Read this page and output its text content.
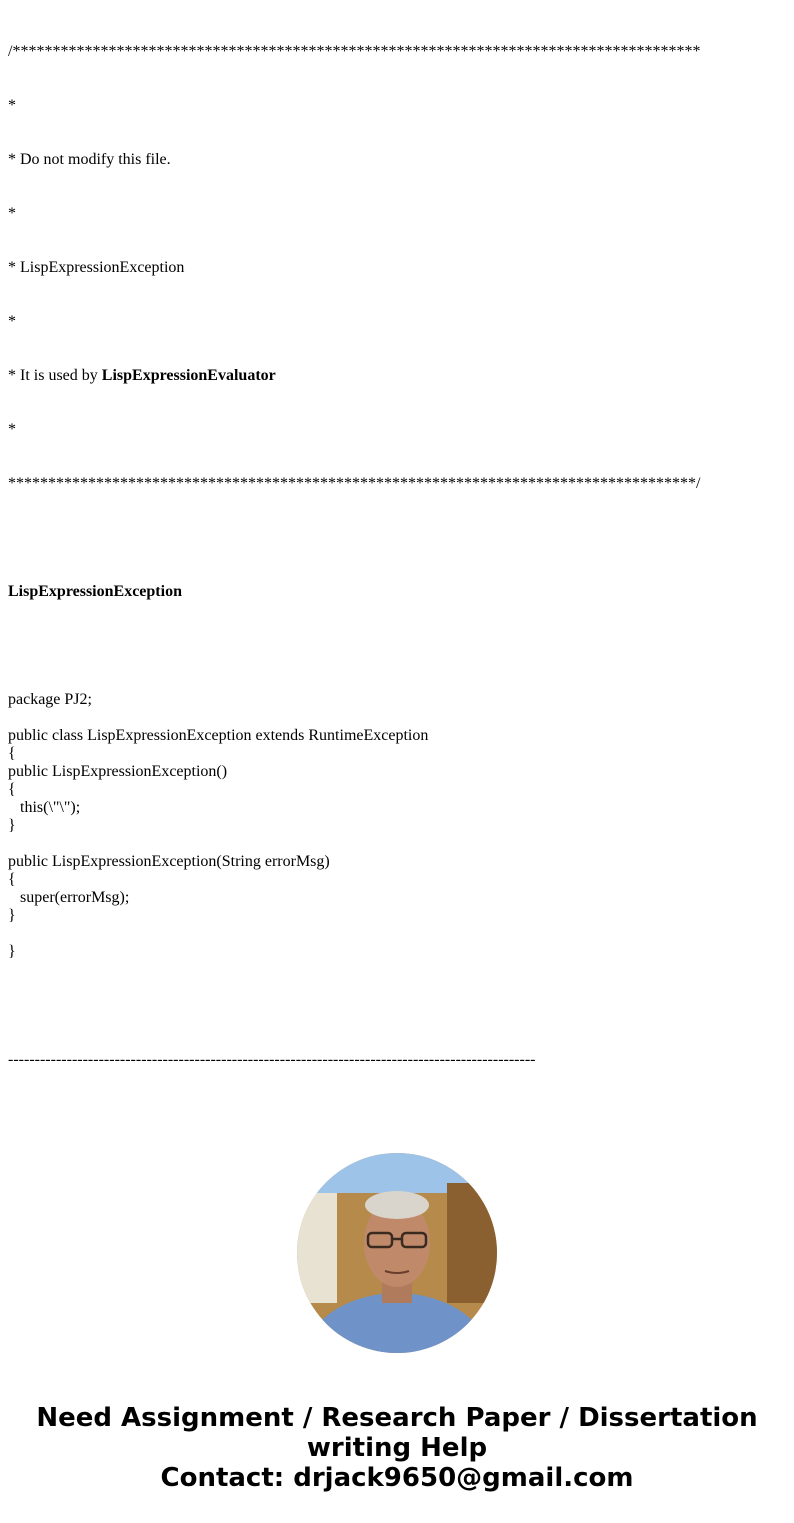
/**************************************************************************************

*

* Do not modify this file.

*

* LispExpressionException

*

* It is used by LispExpressionEvaluator

*

**************************************************************************************/

LispExpressionException

package PJ2;
public class LispExpressionException extends RuntimeException
{
public LispExpressionException()
{
this(\"\");
}
public LispExpressionException(String errorMsg)
{
super(errorMsg);
}
}

---------------------------------------------------------------------------------------------------

Need Assignment / Research Paper / Dissertation
writing Help
Contact: drjack9650@gmail.com
